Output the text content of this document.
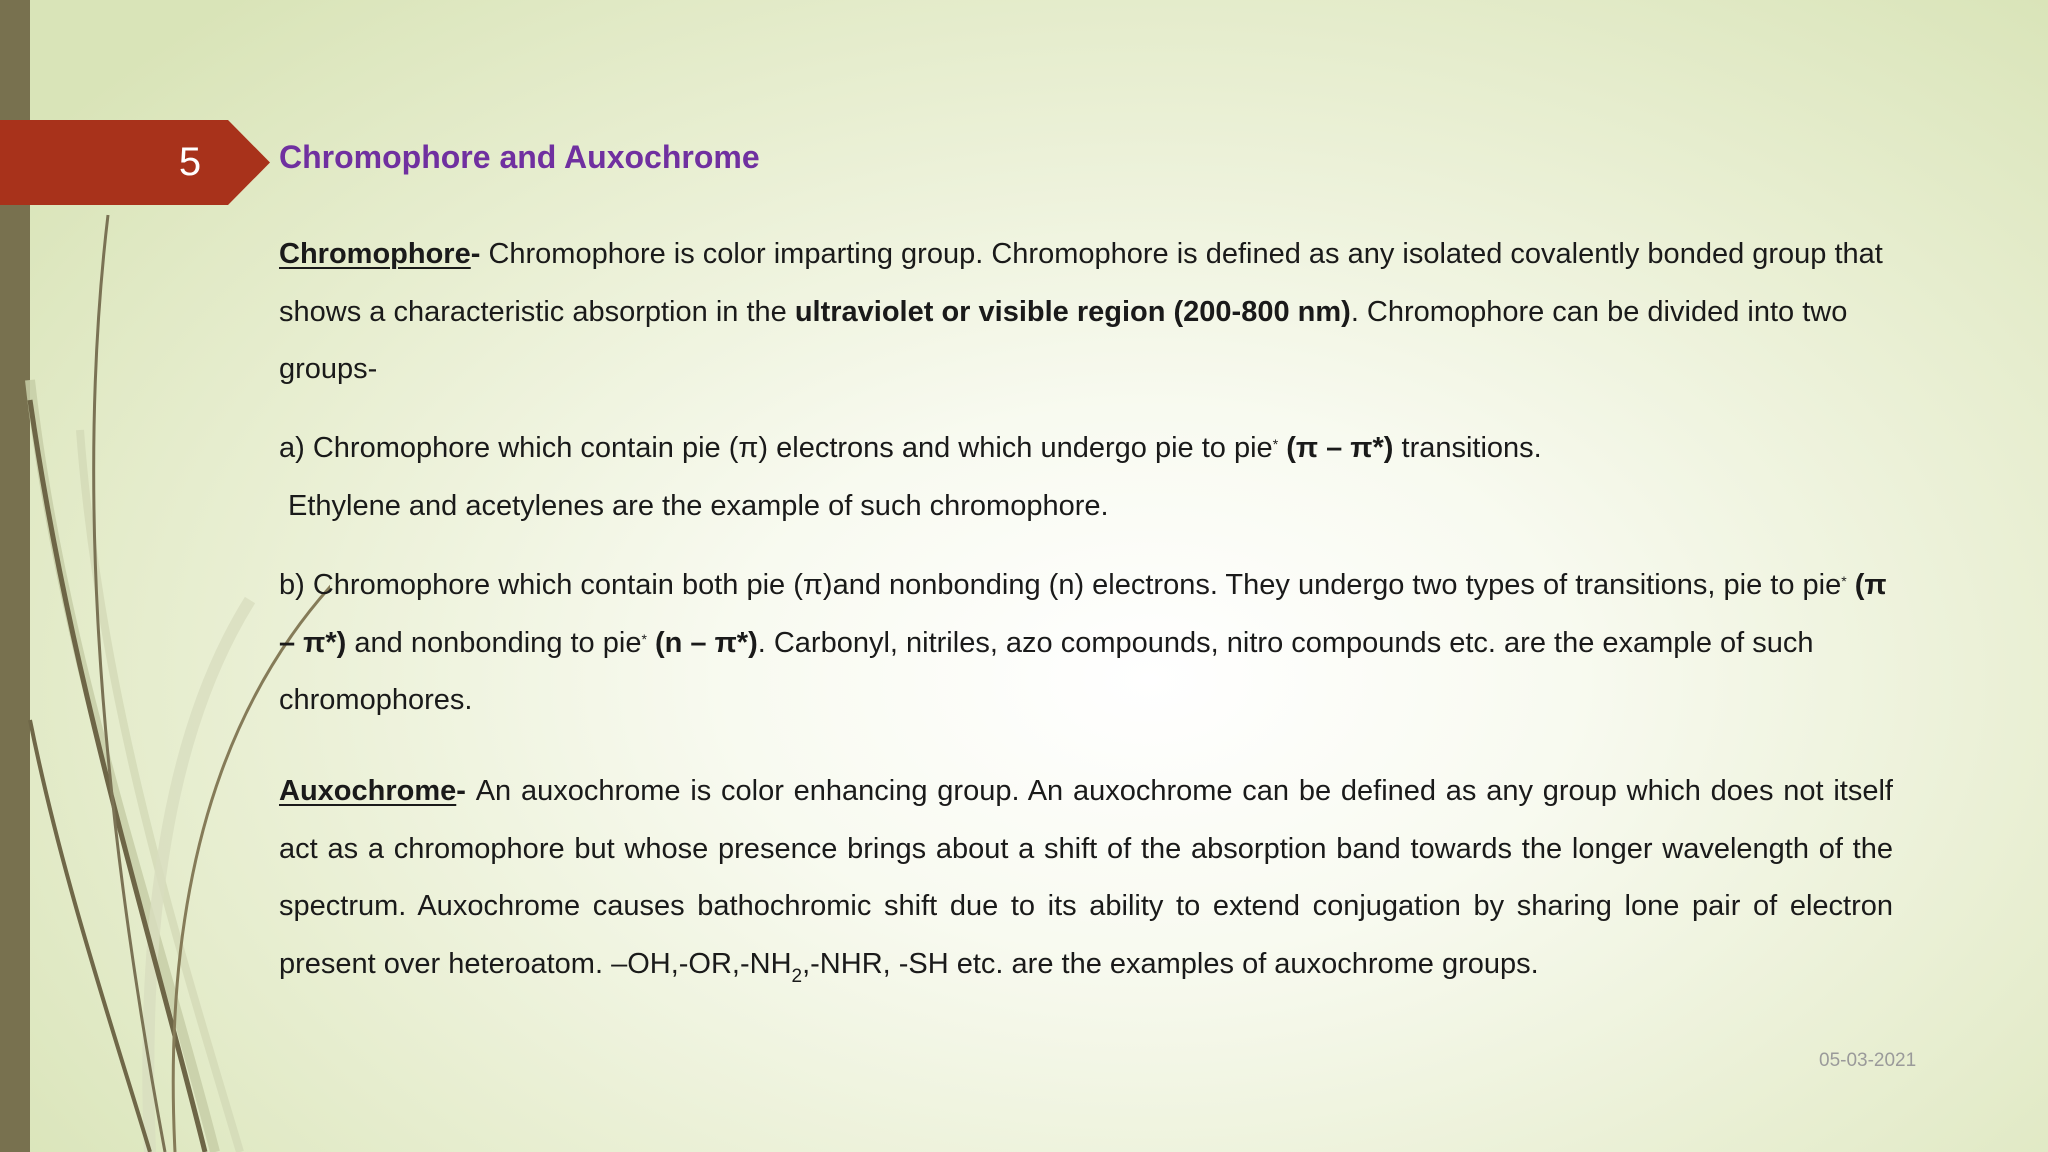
5	Chromophore and Auxochrome

Chromophore- Chromophore is color imparting group. Chromophore is defined as any isolated covalently bonded group that shows a characteristic absorption in the ultraviolet or visible region (200-800 nm). Chromophore can be divided into two groups-

a) Chromophore which contain pie (π) electrons and which undergo pie to pie* (π – π*) transitions.

Ethylene and acetylenes are the example of such chromophore.

b) Chromophore which contain both pie (π)and nonbonding (n) electrons. They undergo two types of transitions, pie to pie* (π – π*) and nonbonding to pie* (n – π*). Carbonyl, nitriles, azo compounds, nitro compounds etc. are the example of such chromophores.

Auxochrome- An auxochrome is color enhancing group. An auxochrome can be defined as any group which does not itself act as a chromophore but whose presence brings about a shift of the absorption band towards the longer wavelength of the spectrum. Auxochrome causes bathochromic shift due to its ability to extend conjugation by sharing lone pair of electron present over heteroatom. $-OH,-OR,-NH_2$,-NHR, -SH etc. are the examples of auxochrome groups.

05-03-2021
